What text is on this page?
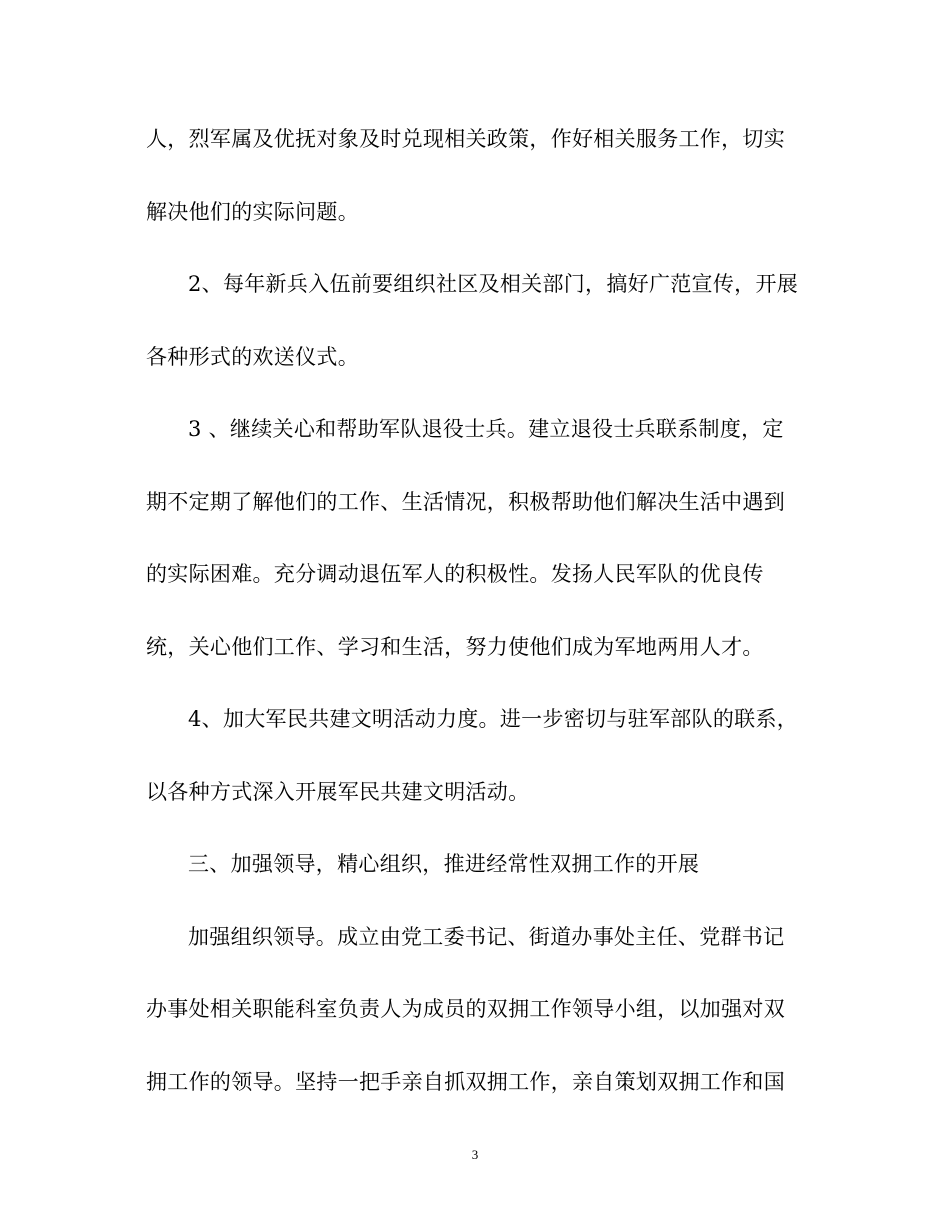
人，烈军属及优抚对象及时兑现相关政策，作好相关服务工作，切实
解决他们的实际问题。
2、每年新兵入伍前要组织社区及相关部门，搞好广范宣传，开展
各种形式的欢送仪式。
3 、继续关心和帮助军队退役士兵。建立退役士兵联系制度，定
期不定期了解他们的工作、生活情况，积极帮助他们解决生活中遇到
的实际困难。充分调动退伍军人的积极性。发扬人民军队的优良传
统，关心他们工作、学习和生活，努力使他们成为军地两用人才。
4、加大军民共建文明活动力度。进一步密切与驻军部队的联系，
以各种方式深入开展军民共建文明活动。
三、加强领导，精心组织，推进经常性双拥工作的开展
加强组织领导。成立由党工委书记、街道办事处主任、党群书记
办事处相关职能科室负责人为成员的双拥工作领导小组，以加强对双
拥工作的领导。坚持一把手亲自抓双拥工作，亲自策划双拥工作和国
3
